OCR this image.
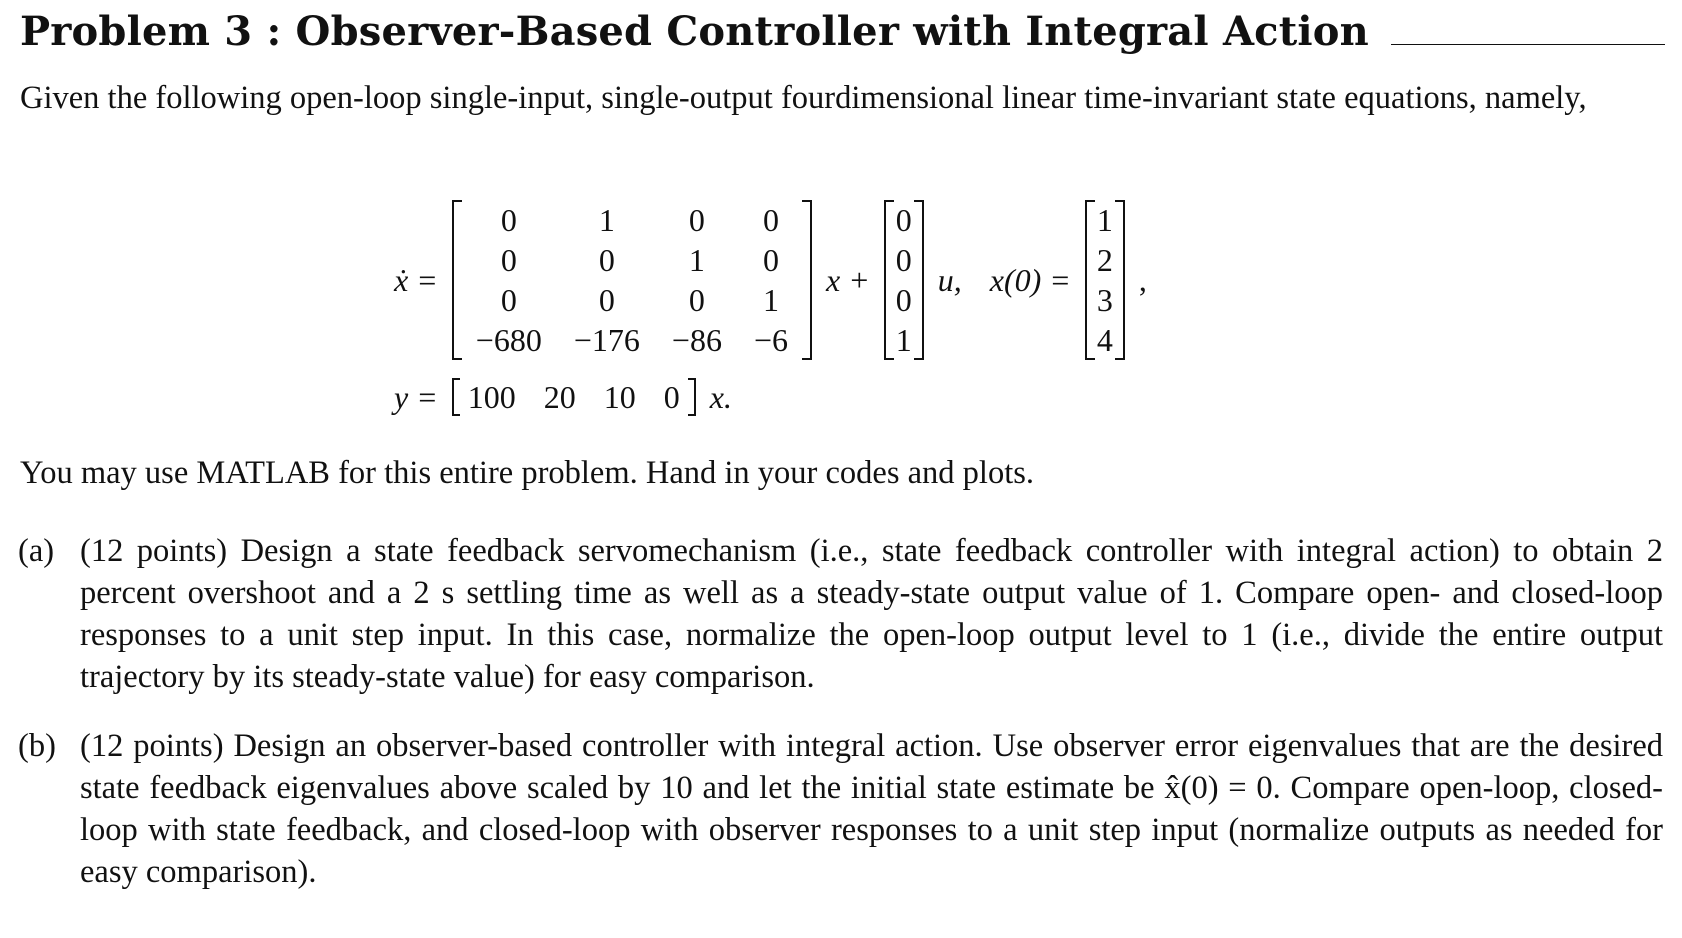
Problem 3 : Observer-Based Controller with Integral Action

Given the following open-loop single-input, single-output fourdimensional linear time-invariant state equations, namely,

ẋ =
0	1	0	0
0	0	1	0
0	0	0	1
−680	−176	−86	−6
x +
0
0
0
1
u, x(0) =
1
2
3
4
,
y = 100 20 10 0 x.

You may use MATLAB for this entire problem. Hand in your codes and plots.

(a) (12 points) Design a state feedback servomechanism (i.e., state feedback controller with integral action) to obtain 2 percent overshoot and a 2 s settling time as well as a steady-state output value of 1. Compare open- and closed-loop responses to a unit step input. In this case, normalize the open-loop output level to 1 (i.e., divide the entire output trajectory by its steady-state value) for easy comparison.
(b) (12 points) Design an observer-based controller with integral action. Use observer error eigenvalues that are the desired state feedback eigenvalues above scaled by 10 and let the initial state estimate be x̂(0) = 0. Compare open-loop, closed-loop with state feedback, and closed-loop with observer responses to a unit step input (normalize outputs as needed for easy comparison).
